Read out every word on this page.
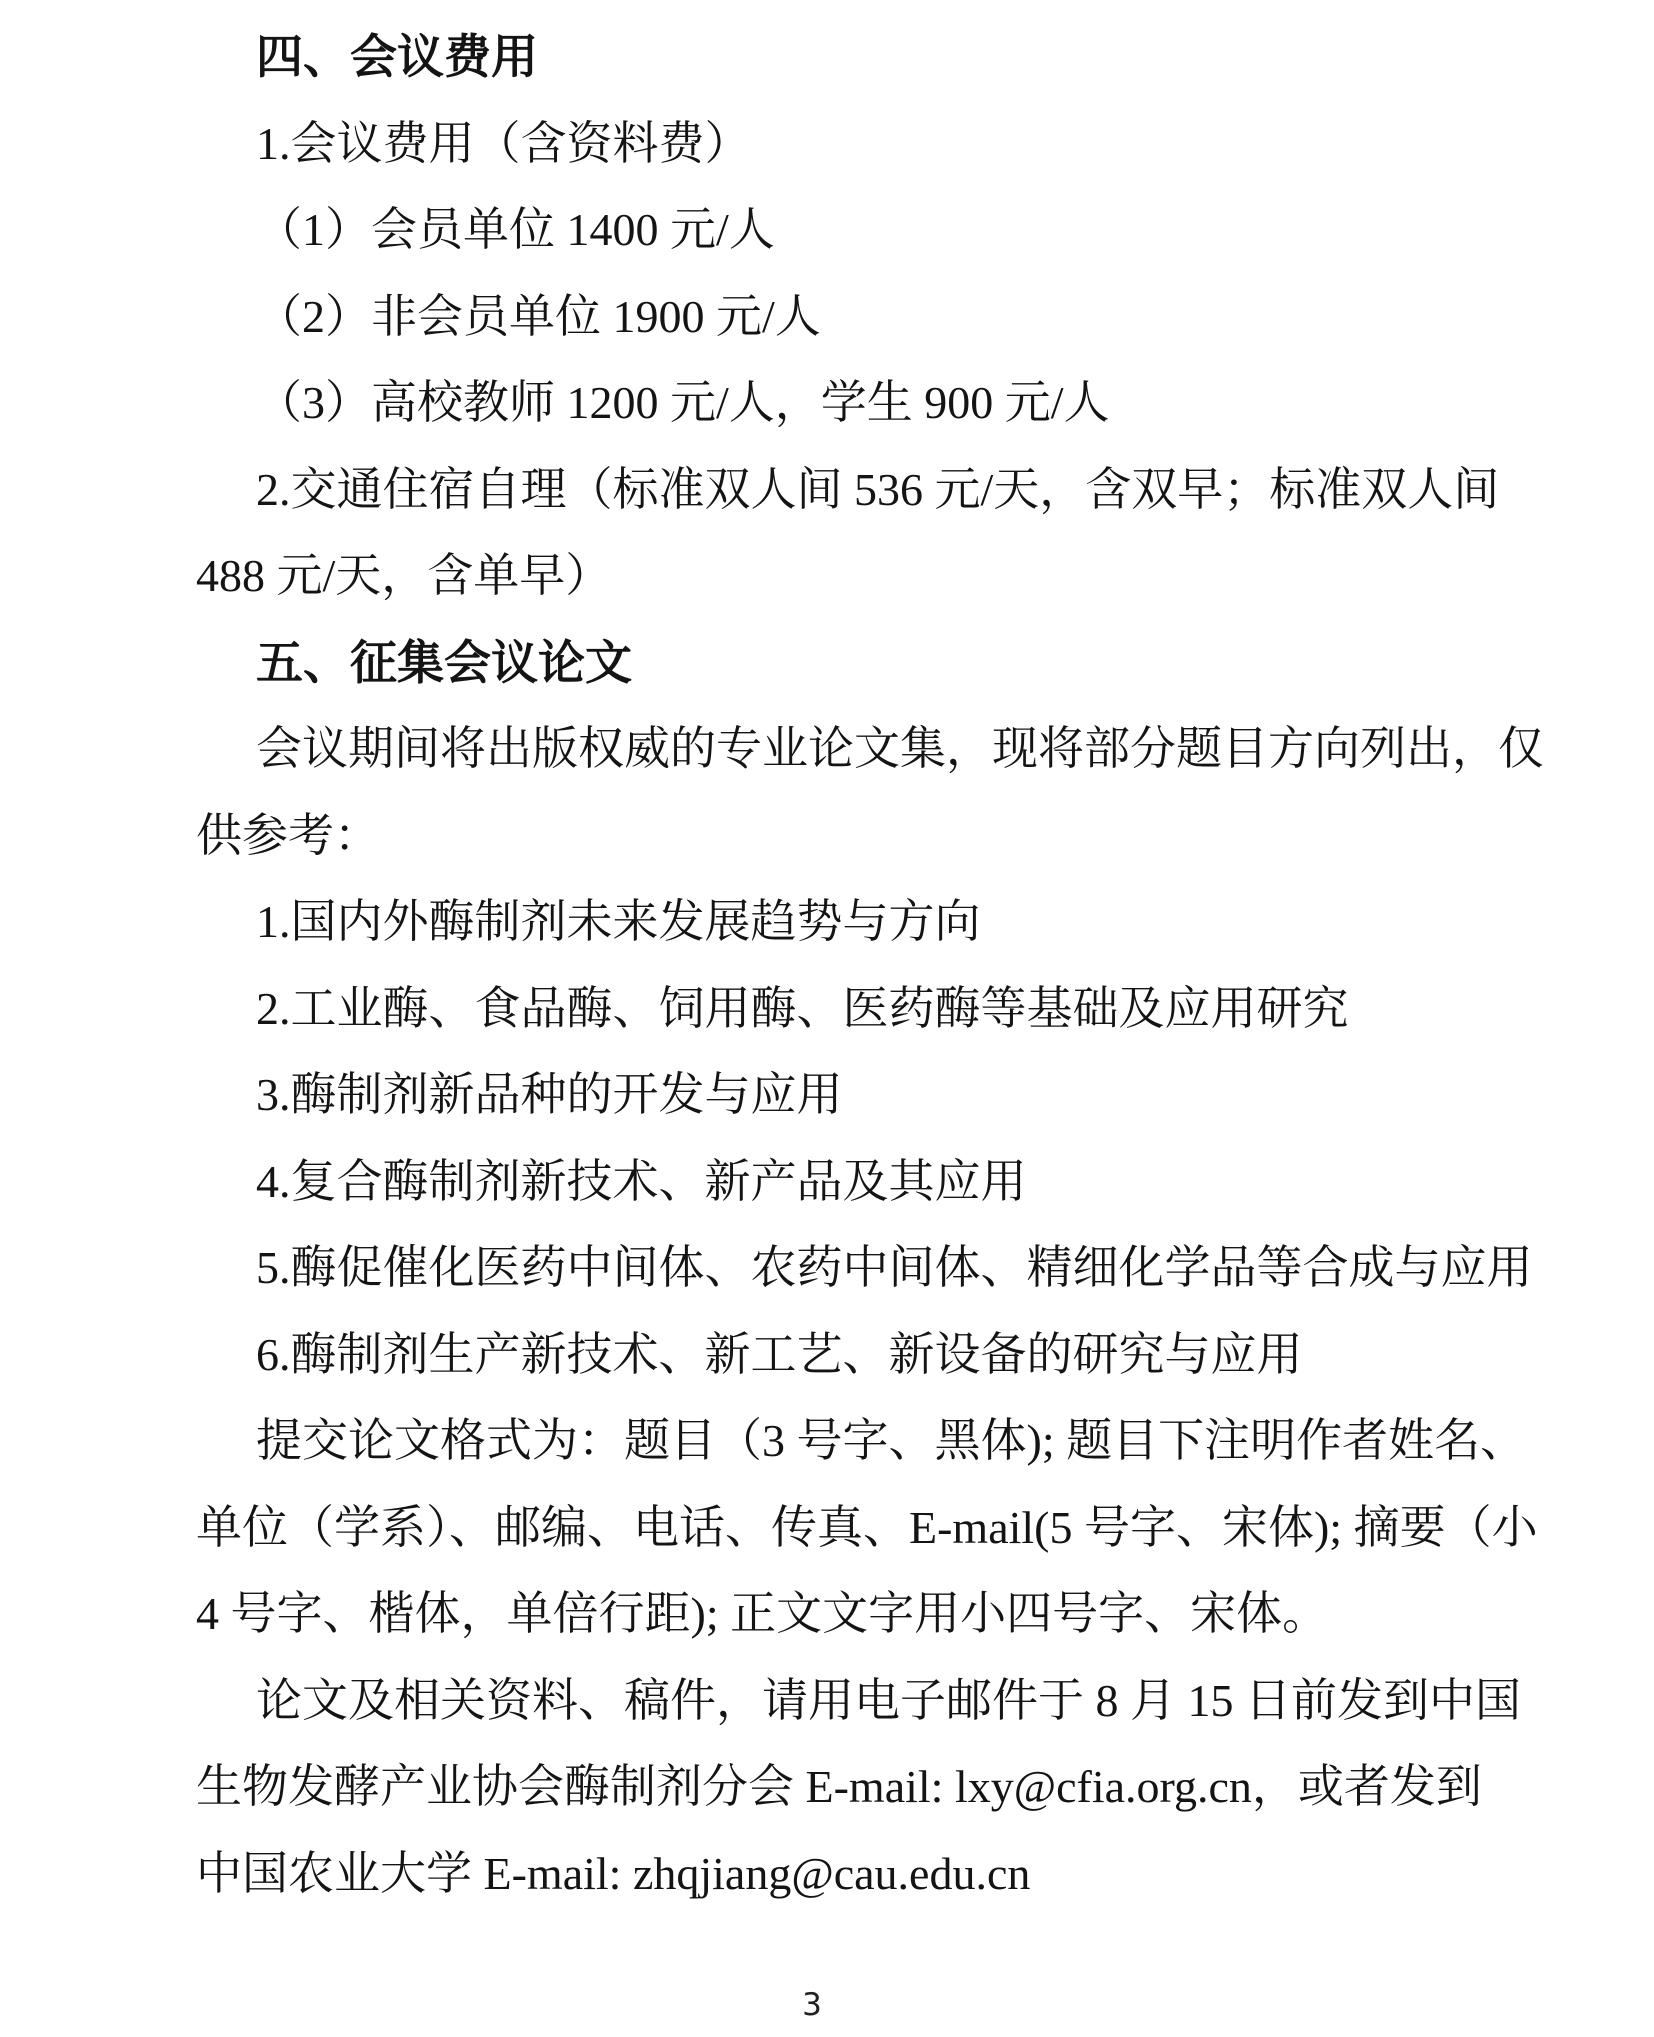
四、会议费用
1.会议费用（含资料费）
（1）会员单位 1400 元/人
（2）非会员单位 1900 元/人
（3）高校教师 1200 元/人，学生 900 元/人
2.交通住宿自理（标准双人间 536 元/天，含双早；标准双人间
488 元/天，含单早）
五、征集会议论文
会议期间将出版权威的专业论文集，现将部分题目方向列出，仅
供参考：
1.国内外酶制剂未来发展趋势与方向
2.工业酶、食品酶、饲用酶、医药酶等基础及应用研究
3.酶制剂新品种的开发与应用
4.复合酶制剂新技术、新产品及其应用
5.酶促催化医药中间体、农药中间体、精细化学品等合成与应用
6.酶制剂生产新技术、新工艺、新设备的研究与应用
提交论文格式为：题目（3 号字、黑体); 题目下注明作者姓名、
单位（学系）、邮编、电话、传真、E-mail(5 号字、宋体); 摘要（小
4 号字、楷体，单倍行距); 正文文字用小四号字、宋体。
论文及相关资料、稿件，请用电子邮件于 8 月 15 日前发到中国
生物发酵产业协会酶制剂分会 E-mail: lxy@cfia.org.cn，或者发到
中国农业大学 E-mail: zhqjiang@cau.edu.cn
3
